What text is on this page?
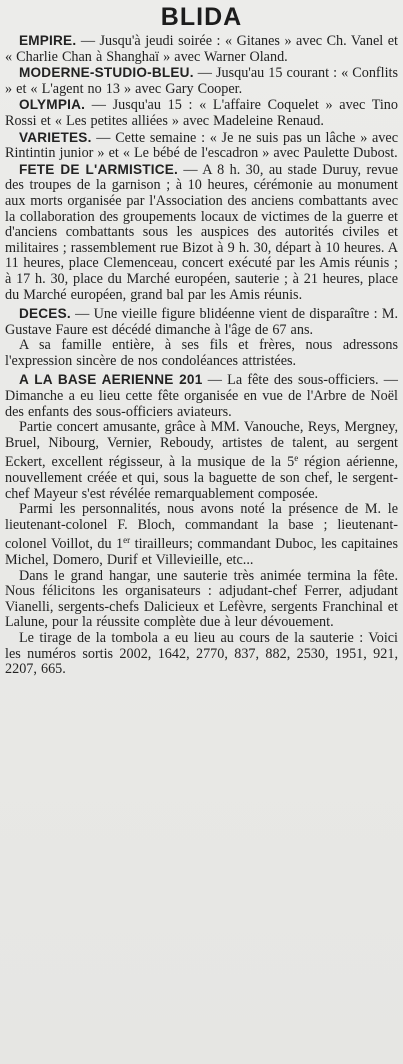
BLIDA

EMPIRE. — Jusqu'à jeudi soirée : « Gitanes » avec Ch. Vanel et « Charlie Chan à Shanghaï » avec Warner Oland.

MODERNE-STUDIO-BLEU. — Jusqu'au 15 courant : « Conflits » et « L'agent no 13 » avec Gary Cooper.

OLYMPIA. — Jusqu'au 15 : « L'affaire Coquelet » avec Tino Rossi et « Les petites alliées » avec Madeleine Renaud.

VARIETES. — Cette semaine : « Je ne suis pas un lâche » avec Rintintin junior » et « Le bébé de l'escadron » avec Paulette Dubost.

FETE DE L'ARMISTICE. — A 8 h. 30, au stade Duruy, revue des troupes de la garnison ; à 10 heures, cérémonie au monument aux morts organisée par l'Association des anciens combattants avec la collaboration des groupements locaux de victimes de la guerre et d'anciens combattants sous les auspices des autorités civiles et militaires ; rassemblement rue Bizot à 9 h. 30, départ à 10 heures. A 11 heures, place Clemenceau, concert exécuté par les Amis réunis ; à 17 h. 30, place du Marché européen, sauterie ; à 21 heures, place du Marché européen, grand bal par les Amis réunis.

DECES. — Une vieille figure blidéenne vient de disparaître : M. Gustave Faure est décédé dimanche à l'âge de 67 ans.

A sa famille entière, à ses fils et frères, nous adressons l'expression sincère de nos condoléances attristées.

A LA BASE AERIENNE 201 — La fête des sous-officiers. — Dimanche a eu lieu cette fête organisée en vue de l'Arbre de Noël des enfants des sous-officiers aviateurs.

Partie concert amusante, grâce à MM. Vanouche, Reys, Mergney, Bruel, Nibourg, Vernier, Reboudy, artistes de talent, au sergent Eckert, excellent régisseur, à la musique de la 5e région aérienne, nouvellement créée et qui, sous la baguette de son chef, le sergent-chef Mayeur s'est révélée remarquablement composée.

Parmi les personnalités, nous avons noté la présence de M. le lieutenant-colonel F. Bloch, commandant la base ; lieutenant-colonel Voillot, du 1er tirailleurs; commandant Duboc, les capitaines Michel, Domero, Durif et Villevieille, etc...

Dans le grand hangar, une sauterie très animée termina la fête. Nous félicitons les organisateurs : adjudant-chef Ferrer, adjudant Vianelli, sergents-chefs Dalicieux et Lefèvre, sergents Franchinal et Lalune, pour la réussite complète due à leur dévouement.

Le tirage de la tombola a eu lieu au cours de la sauterie : Voici les numéros sortis 2002, 1642, 2770, 837, 882, 2530, 1951, 921, 2207, 665.
